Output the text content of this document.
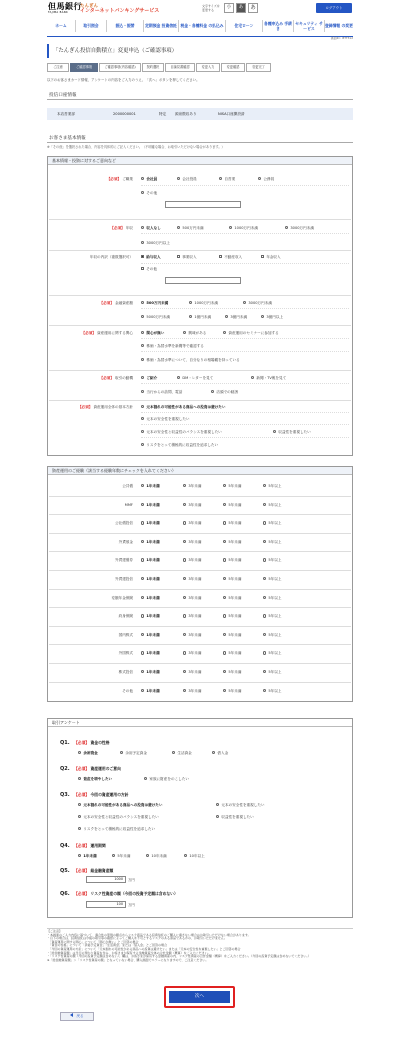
但馬銀行
TAJIMA BANK
たんぎん
インターネットバンキングサービス
文字サイズを変更する	小	あ	あ	ログアウト
ホーム	取引照会	振込・振替	定期預金 投資信託 税金・各種料金 の払込み	住宅ローン	各種申込み 手続き
セキュリティ サービス	登録情報 の変更
画面ID：BTT312
「たんぎん投信自動積立」変更申込（ご確認事項）
ご注意	ご確認事項	ご確認事項(内容確認)	契約選択	目論見書確認	変更入力	変更確認	変更完了
以下のお客さまカード情報、アンケートの内容をご入力のうえ、「次へ」ボタンを押してください。
投信口座情報
本店営業部	2000000001	特定 源泉徴収あり	NISA口座開設済
お客さま基本情報
※「その他」を選択された場合、内容を具体的にご記入ください。（不明確な場合、お取引いただけない場合があります。）
基本情報・投資に対するご意向など
【必須】 ご職業	会社員	会社役員	自営業	公務員
その他
【必須】 年収	収入なし	500万円未満	1000万円未満	3000万円未満
3000万円以上
年収の内訳（複数選択可）	給与収入	事業収入	不動産収入	年金収入
その他
【必須】 金融資産額	500万円未満	1000万円未満	3000万円未満
5000万円未満	1億円未満	3億円未満	3億円以上
【必須】 資産運用に関する関心	関心が無い	興味がある	資産運用のセミナーに参加する
株価・為替水準を新聞等で確認する
株価・為替水準について、自分なりの相場観を持っている
【必須】 取引の動機	ご紹介	DM・レターを見て	新聞・TV報を見て
当行からの訪問、電話	店頭での勧誘
【必須】 資産運用全体の基本方針	元本割れの可能性がある商品への投資は避けたい
元本の安全性を重視したい
元本の安全性と収益性のバランスを重視したい	収益性を重視したい
リスクをとって積極的に収益性を追求したい
資産運用のご経験（該当する経験年数にチェックを入れてください）
公共債	1年未満	3年未満	5年未満	5年以上
MMF	1年未満	3年未満	5年未満	5年以上
公社債投信	1年未満	3年未満	5年未満	5年以上
外貨預金	1年未満	3年未満	5年未満	5年以上
外貨建債券	1年未満	3年未満	5年未満	5年以上
外貨建投信	1年未満	3年未満	5年未満	5年以上
変額年金保険	1年未満	3年未満	5年未満	5年以上
終身保険	1年未満	3年未満	5年未満	5年以上
国内株式	1年未満	3年未満	5年未満	5年以上
外国株式	1年未満	3年未満	5年未満	5年以上
株式投信	1年未満	3年未満	5年未満	5年以上
その他	1年未満	3年未満	5年未満	5年以上
取引アンケート
Q1. 【必須】 資金の性格
余裕資金	余裕予定資金	生活資金	借入金
Q2. 【必須】 資産運用のご意向
資産を増やしたい	家族に財産をのこしたい
Q3. 【必須】 今回の資産運用の方針
元本割れの可能性がある商品への投資は避けたい	元本の安全性を重視したい
元本の安全性と収益性のバランスを重視したい	収益性を重視したい
リスクをとって積極的に収益性を追求したい
Q4. 【必須】 運用期間
1年未満	5年未満	10年未満	10年以上
Q5. 【必須】 総金融資産額
1000	万円
Q6. 【必須】 リスク性資産の額（今回の投資予定額は含めない）
100	万円
【ご注意】
・本画面のご入力内容に基づいて、適合性の原則の観点からリスク商品である投資信託のご購入に適さない場合はお取引いただけない場合があります。
・以下の場合は、投資信託は今後の取引等の確認によってご購入を不可とするリスクのある商品であるかの、お取引いただけません。
　「資産運用に関する関心」について「関心が無い」とご回答の場合
　「資金の性格」について「余裕予定資金」「生活資金」または「借入金」とご回答の場合
　「今回の資産運用の方針」について「元本割れの可能性がある商品への投資は避けたい」または「元本の安全性を重視したい」とご回答の場合
・「総金融資産額」は当行の預かり資産を含み、お客さまが保有する金融資産全体の合計金額（概算）をご入力ください。
・「リスク性資産の額（今回の投資予定額は含めない）」欄は、お客さまが保有する金融資産の内、リスク性資産の合計金額（概算）をご入力ください。（今回の投資予定額は含めないでください。）
※「総金融資産額」＞「リスク性資産の額」となっていない場合、購入画面でエラーになりますので、ご注意ください。
次へ
戻る
